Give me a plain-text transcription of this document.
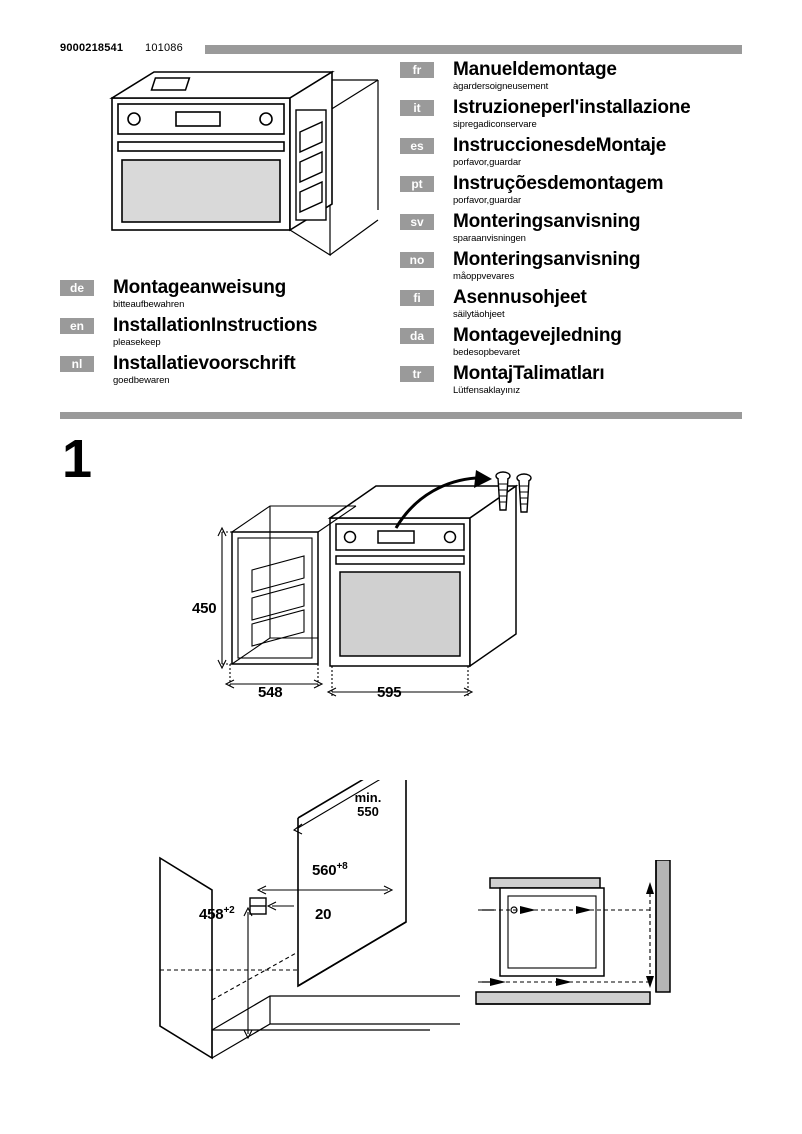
9000218541 101086
de	Montageanweisung
bitteaufbewahren
en	InstallationInstructions
pleasekeep
nl	Installatievoorschrift
goedbewaren
fr	Manueldemontage
àgardersoigneusement
it	Istruzioneperl'installazione
sipregadiconservare
es	InstruccionesdeMontaje
porfavor,guardar
pt	Instruçõesdemontagem
porfavor,guardar
sv	Monteringsanvisning
sparaanvisningen
no	Monteringsanvisning
måoppvevares
fi	Asennusohjeet
säilytäohjeet
da	Montagevejledning
bedesopbevaret
tr	MontajTalimatları
Lütfensaklayınız
1
450
548	595
min.
550
$560^{+8}$
$458^{+2}$	20
